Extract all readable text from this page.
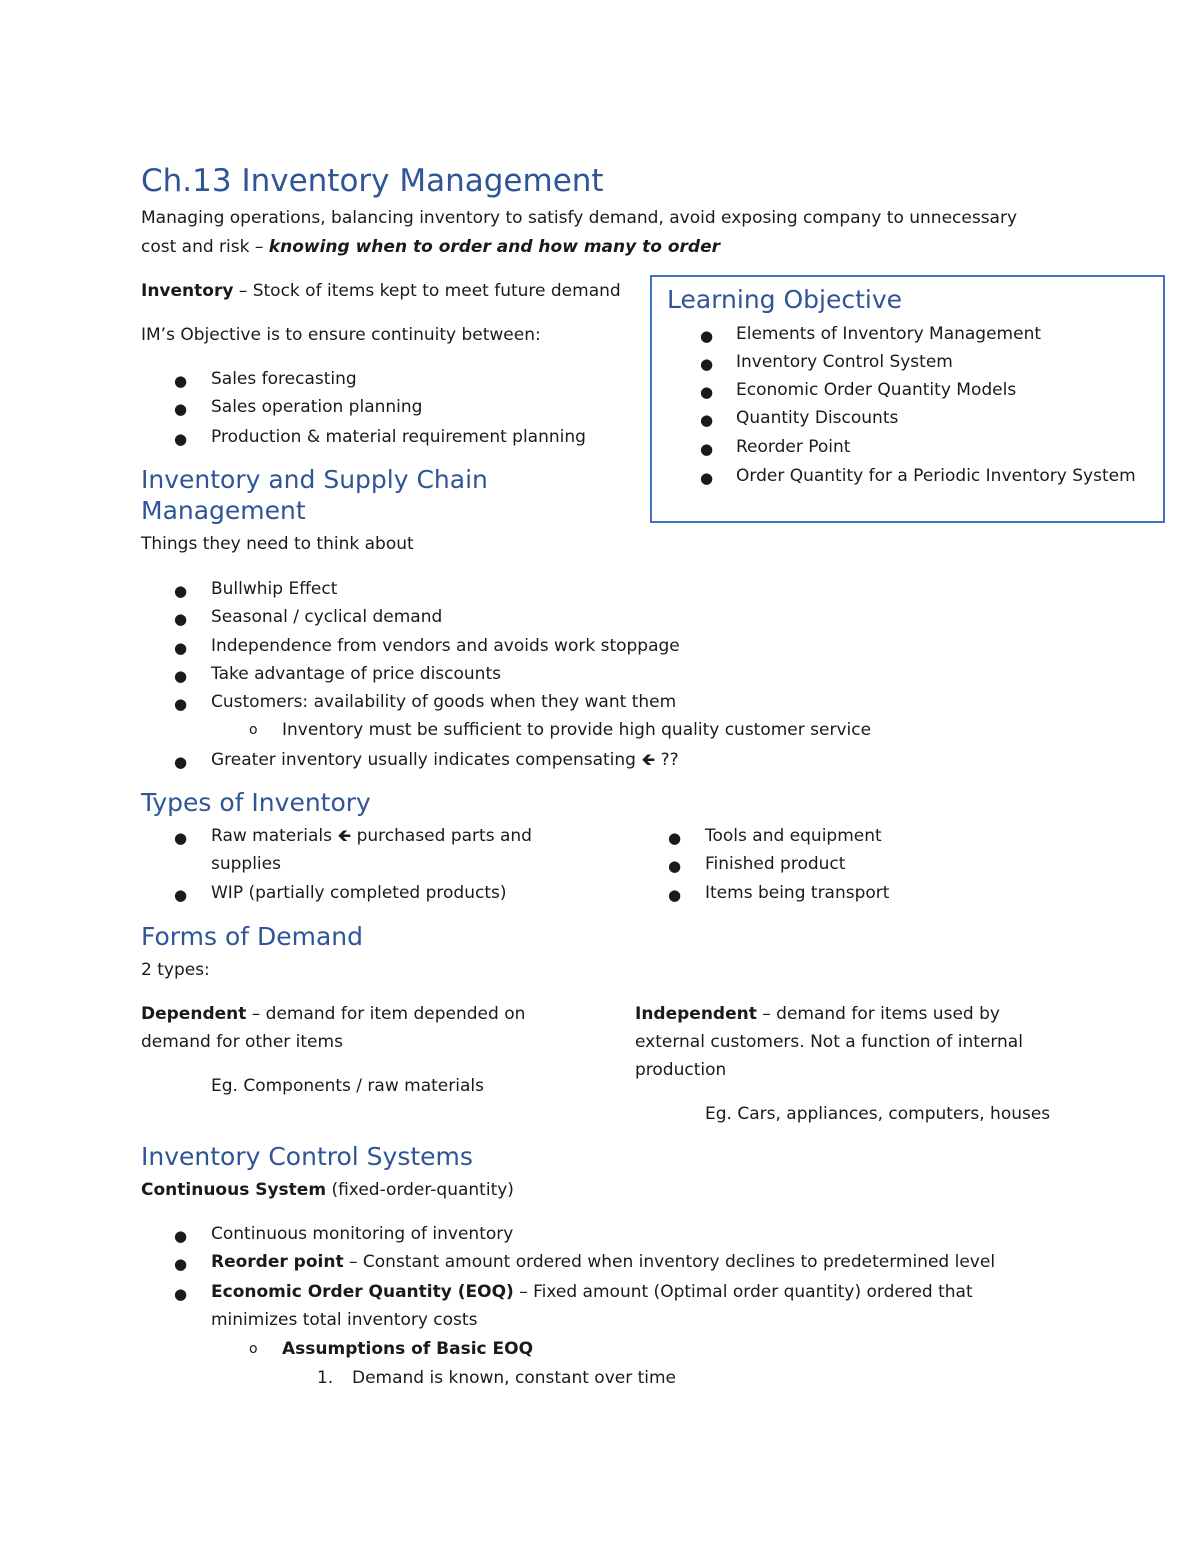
Ch.13 Inventory Management
Managing operations, balancing inventory to satisfy demand, avoid exposing company to unnecessary
cost and risk – knowing when to order and how many to order
Inventory – Stock of items kept to meet future demand
IM’s Objective is to ensure continuity between:
● Sales forecasting
● Sales operation planning
● Production & material requirement planning
Learning Objective
● Elements of Inventory Management
● Inventory Control System
● Economic Order Quantity Models
● Quantity Discounts
● Reorder Point
● Order Quantity for a Periodic Inventory System
Inventory and Supply Chain
Management
Things they need to think about
● Bullwhip Effect
● Seasonal / cyclical demand
● Independence from vendors and avoids work stoppage
● Take advantage of price discounts
● Customers: availability of goods when they want them
o Inventory must be sufficient to provide high quality customer service
● Greater inventory usually indicates compensating 🡸 ??
Types of Inventory
● Raw materials 🡸 purchased parts and
supplies
● WIP (partially completed products)
● Tools and equipment
● Finished product
● Items being transport
Forms of Demand
2 types:
Dependent – demand for item depended on
demand for other items
Eg. Components / raw materials
Independent – demand for items used by
external customers. Not a function of internal
production
Eg. Cars, appliances, computers, houses
Inventory Control Systems
Continuous System (fixed-order-quantity)
● Continuous monitoring of inventory
● Reorder point – Constant amount ordered when inventory declines to predetermined level
● Economic Order Quantity (EOQ) – Fixed amount (Optimal order quantity) ordered that
minimizes total inventory costs
o Assumptions of Basic EOQ
1. Demand is known, constant over time
